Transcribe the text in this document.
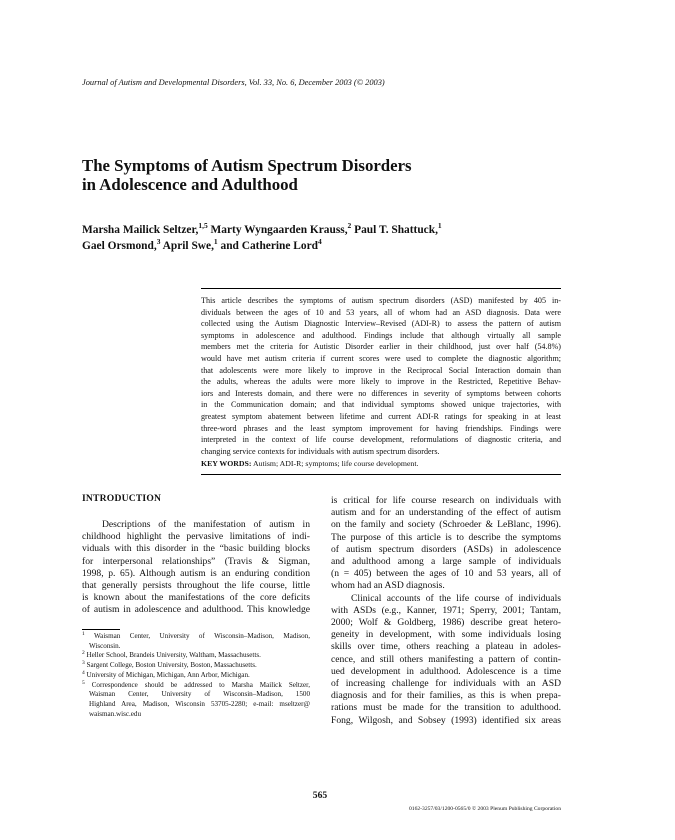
Journal of Autism and Developmental Disorders, Vol. 33, No. 6, December 2003 (© 2003)
The Symptoms of Autism Spectrum Disorders
in Adolescence and Adulthood
Marsha Mailick Seltzer,$^{1,5}$ Marty Wyngaarden Krauss,$^2$ Paul T. Shattuck,$^1$
Gael Orsmond,$^3$ April Swe,$^1$ and Catherine Lord$^4$
This article describes the symptoms of autism spectrum disorders (ASD) manifested by 405 in-
dividuals between the ages of 10 and 53 years, all of whom had an ASD diagnosis. Data were
collected using the Autism Diagnostic Interview–Revised (ADI-R) to assess the pattern of autism
symptoms in adolescence and adulthood. Findings include that although virtually all sample
members met the criteria for Autistic Disorder earlier in their childhood, just over half (54.8%)
would have met autism criteria if current scores were used to complete the diagnostic algorithm;
that adolescents were more likely to improve in the Reciprocal Social Interaction domain than
the adults, whereas the adults were more likely to improve in the Restricted, Repetitive Behav-
iors and Interests domain, and there were no differences in severity of symptoms between cohorts
in the Communication domain; and that individual symptoms showed unique trajectories, with
greatest symptom abatement between lifetime and current ADI-R ratings for speaking in at least
three-word phrases and the least symptom improvement for having friendships. Findings were
interpreted in the context of life course development, reformulations of diagnostic criteria, and
changing service contexts for individuals with autism spectrum disorders.
KEY WORDS: Autism; ADI-R; symptoms; life course development.
INTRODUCTION
Descriptions of the manifestation of autism in
childhood highlight the pervasive limitations of indi-
viduals with this disorder in the “basic building blocks
for interpersonal relationships” (Travis & Sigman,
1998, p. 65). Although autism is an enduring condition
that generally persists throughout the life course, little
is known about the manifestations of the core deficits
of autism in adolescence and adulthood. This knowledge
$^1$ Waisman Center, University of Wisconsin–Madison, Madison,
Wisconsin.
$^2$ Heller School, Brandeis University, Waltham, Massachusetts.
$^3$ Sargent College, Boston University, Boston, Massachusetts.
$^4$ University of Michigan, Michigan, Ann Arbor, Michigan.
$^5$ Correspondence should be addressed to Marsha Mailick Seltzer,
Waisman Center, University of Wisconsin–Madison, 1500
Highland Area, Madison, Wisconsin 53705-2280; e-mail: mseltzer@
waisman.wisc.edu
is critical for life course research on individuals with
autism and for an understanding of the effect of autism
on the family and society (Schroeder & LeBlanc, 1996).
The purpose of this article is to describe the symptoms
of autism spectrum disorders (ASDs) in adolescence
and adulthood among a large sample of individuals
(n = 405) between the ages of 10 and 53 years, all of
whom had an ASD diagnosis.
Clinical accounts of the life course of individuals
with ASDs (e.g., Kanner, 1971; Sperry, 2001; Tantam,
2000; Wolf & Goldberg, 1986) describe great hetero-
geneity in development, with some individuals losing
skills over time, others reaching a plateau in adoles-
cence, and still others manifesting a pattern of contin-
ued development in adulthood. Adolescence is a time
of increasing challenge for individuals with an ASD
diagnosis and for their families, as this is when prepa-
rations must be made for the transition to adulthood.
Fong, Wilgosh, and Sobsey (1993) identified six areas
565
0162-3257/03/1200-0565/0 © 2003 Plenum Publishing Corporation
